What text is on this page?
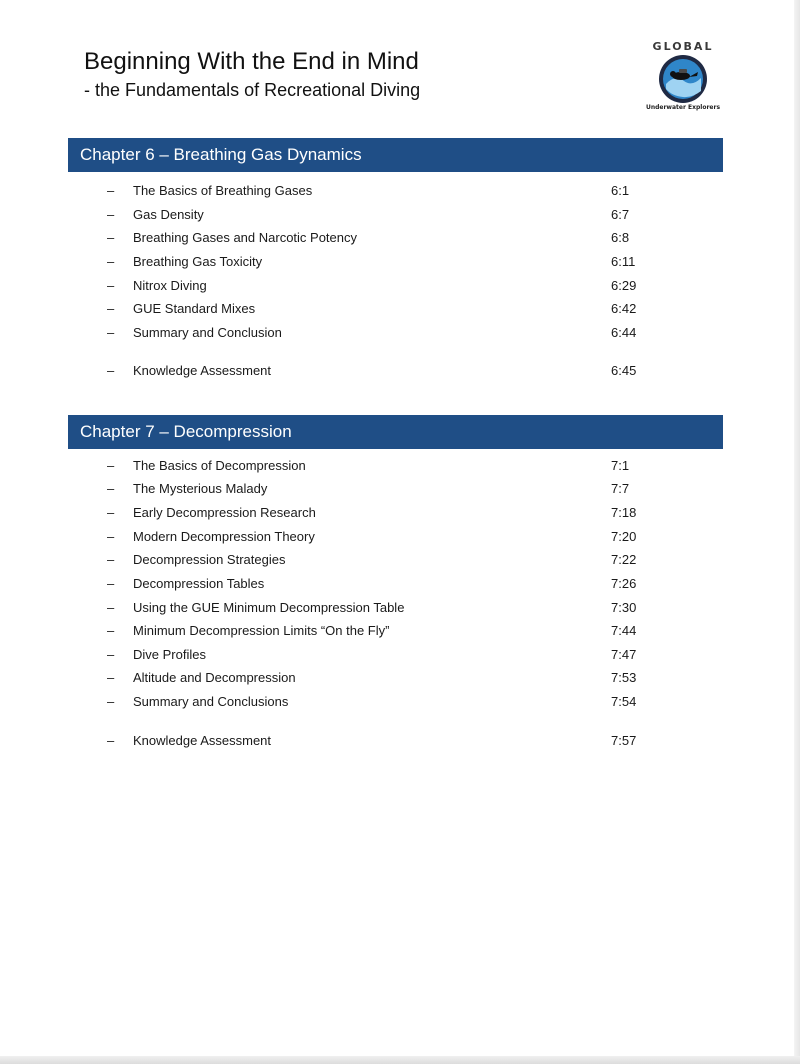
Beginning With the End in Mind
- the Fundamentals of Recreational Diving
GLOBAL
Underwater Explorers
Chapter 6 – Breathing Gas Dynamics
– The Basics of Breathing Gases	6:1
– Gas Density	6:7
– Breathing Gases and Narcotic Potency	6:8
– Breathing Gas Toxicity	6:11
– Nitrox Diving	6:29
– GUE Standard Mixes	6:42
– Summary and Conclusion	6:44
– Knowledge Assessment	6:45
Chapter 7 – Decompression
– The Basics of Decompression	7:1
– The Mysterious Malady	7:7
– Early Decompression Research	7:18
– Modern Decompression Theory	7:20
– Decompression Strategies	7:22
– Decompression Tables	7:26
– Using the GUE Minimum Decompression Table	7:30
– Minimum Decompression Limits “On the Fly”	7:44
– Dive Profiles	7:47
– Altitude and Decompression	7:53
– Summary and Conclusions	7:54
– Knowledge Assessment	7:57
